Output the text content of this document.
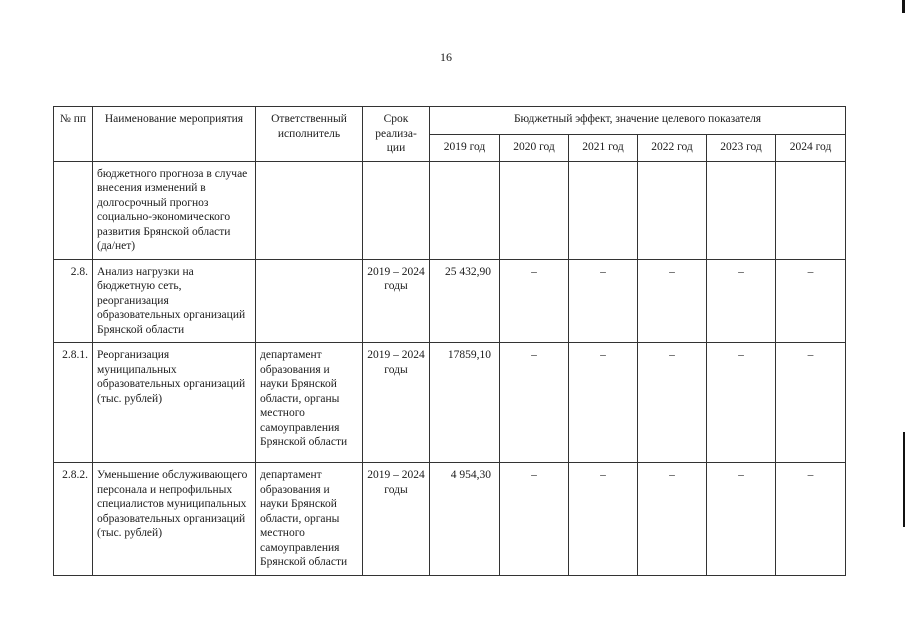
16
№ пп	Наименование мероприятия	Ответственный исполнитель	Срок реализа-ции	Бюджетный эффект, значение целевого показателя					
				2019 год	2020 год	2021 год	2022 год	2023 год	2024 год
	бюджетного прогноза в случае внесения изменений в долгосрочный прогноз социально-экономического развития Брянской области (да/нет)								
2.8.	Анализ нагрузки на бюджетную сеть, реорганизация образовательных организаций Брянской области		2019 – 2024 годы	25 432,90	–	–	–	–	–
2.8.1.	Реорганизация муниципальных образовательных организаций (тыс. рублей)	департамент образования и науки Брянской области, органы местного самоуправления Брянской области	2019 – 2024 годы	17859,10	–	–	–	–	–
2.8.2.	Уменьшение обслуживающего персонала и непрофильных специалистов муниципальных образовательных организаций (тыс. рублей)	департамент образования и науки Брянской области, органы местного самоуправления Брянской области	2019 – 2024 годы	4 954,30	–	–	–	–	–
